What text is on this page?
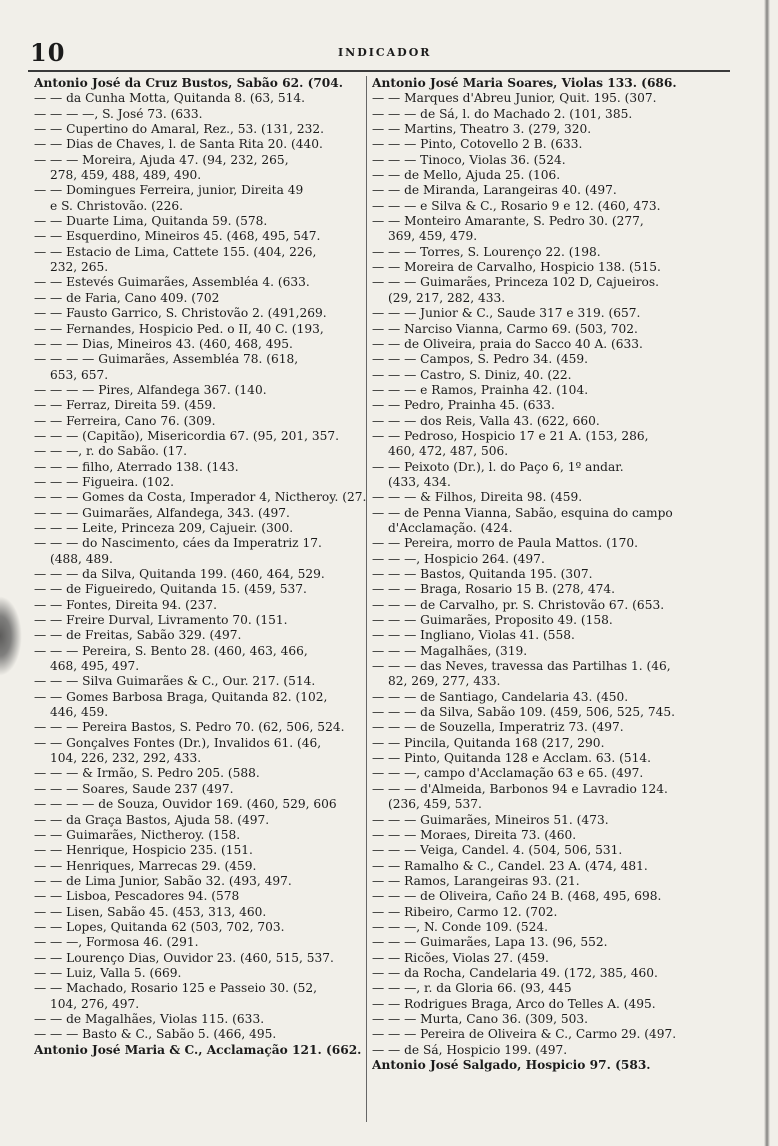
10	INDICADOR
Antonio José da Cruz Bustos, Sabão 62. (704.
— — da Cunha Motta, Quitanda 8. (63, 514.
— — — —, S. José 73. (633.
— — Cupertino do Amaral, Rez., 53. (131, 232.
— — Dias de Chaves, l. de Santa Rita 20. (440.
— — — Moreira, Ajuda 47. (94, 232, 265,
278, 459, 488, 489, 490.
— — Domingues Ferreira, junior, Direita 49
e S. Christovão. (226.
— — Duarte Lima, Quitanda 59. (578.
— — Esquerdino, Mineiros 45. (468, 495, 547.
— — Estacio de Lima, Cattete 155. (404, 226,
232, 265.
— — Estevés Guimarães, Assembléa 4. (633.
— — de Faria, Cano 409. (702
— — Fausto Garrico, S. Christovão 2. (491,269.
— — Fernandes, Hospicio Ped. o II, 40 C. (193,
— — — Dias, Mineiros 43. (460, 468, 495.
— — — — Guimarães, Assembléa 78. (618,
653, 657.
— — — — Pires, Alfandega 367. (140.
— — Ferraz, Direita 59. (459.
— — Ferreira, Cano 76. (309.
— — — (Capitão), Misericordia 67. (95, 201, 357.
— — —, r. do Sabão. (17.
— — — filho, Aterrado 138. (143.
— — — Figueira. (102.
— — — Gomes da Costa, Imperador 4, Nictheroy. (27.
— — — Guimarães, Alfandega, 343. (497.
— — — Leite, Princeza 209, Cajueir. (300.
— — — do Nascimento, cáes da Imperatriz 17.
(488, 489.
— — — da Silva, Quitanda 199. (460, 464, 529.
— — de Figueiredo, Quitanda 15. (459, 537.
— — Fontes, Direita 94. (237.
— — Freire Durval, Livramento 70. (151.
— — de Freitas, Sabão 329. (497.
— — — Pereira, S. Bento 28. (460, 463, 466,
468, 495, 497.
— — — Silva Guimarães & C., Our. 217. (514.
— — Gomes Barbosa Braga, Quitanda 82. (102,
446, 459.
— — — Pereira Bastos, S. Pedro 70. (62, 506, 524.
— — Gonçalves Fontes (Dr.), Invalidos 61. (46,
104, 226, 232, 292, 433.
— — — & Irmão, S. Pedro 205. (588.
— — — Soares, Saude 237 (497.
— — — — de Souza, Ouvidor 169. (460, 529, 606
— — da Graça Bastos, Ajuda 58. (497.
— — Guimarães, Nictheroy. (158.
— — Henrique, Hospicio 235. (151.
— — Henriques, Marrecas 29. (459.
— — de Lima Junior, Sabão 32. (493, 497.
— — Lisboa, Pescadores 94. (578
— — Lisen, Sabão 45. (453, 313, 460.
— — Lopes, Quitanda 62 (503, 702, 703.
— — —, Formosa 46. (291.
— — Lourenço Dias, Ouvidor 23. (460, 515, 537.
— — Luiz, Valla 5. (669.
— — Machado, Rosario 125 e Passeio 30. (52,
104, 276, 497.
— — de Magalhães, Violas 115. (633.
— — — Basto & C., Sabão 5. (466, 495.
Antonio José Maria & C., Acclamação 121. (662.
Antonio José Maria Soares, Violas 133. (686.
— — Marques d'Abreu Junior, Quit. 195. (307.
— — — de Sá, l. do Machado 2. (101, 385.
— — Martins, Theatro 3. (279, 320.
— — — Pinto, Cotovello 2 B. (633.
— — — Tinoco, Violas 36. (524.
— — de Mello, Ajuda 25. (106.
— — de Miranda, Larangeiras 40. (497.
— — — e Silva & C., Rosario 9 e 12. (460, 473.
— — Monteiro Amarante, S. Pedro 30. (277,
369, 459, 479.
— — — Torres, S. Lourenço 22. (198.
— — Moreira de Carvalho, Hospicio 138. (515.
— — — Guimarães, Princeza 102 D, Cajueiros.
(29, 217, 282, 433.
— — — Junior & C., Saude 317 e 319. (657.
— — Narciso Vianna, Carmo 69. (503, 702.
— — de Oliveira, praia do Sacco 40 A. (633.
— — — Campos, S. Pedro 34. (459.
— — — Castro, S. Diniz, 40. (22.
— — — e Ramos, Prainha 42. (104.
— — Pedro, Prainha 45. (633.
— — — dos Reis, Valla 43. (622, 660.
— — Pedroso, Hospicio 17 e 21 A. (153, 286,
460, 472, 487, 506.
— — Peixoto (Dr.), l. do Paço 6, 1º andar.
(433, 434.
— — — & Filhos, Direita 98. (459.
— — de Penna Vianna, Sabão, esquina do campo
d'Acclamação. (424.
— — Pereira, morro de Paula Mattos. (170.
— — —, Hospicio 264. (497.
— — — Bastos, Quitanda 195. (307.
— — — Braga, Rosario 15 B. (278, 474.
— — — de Carvalho, pr. S. Christovão 67. (653.
— — — Guimarães, Proposito 49. (158.
— — — Ingliano, Violas 41. (558.
— — — Magalhães, (319.
— — — das Neves, travessa das Partilhas 1. (46,
82, 269, 277, 433.
— — — de Santiago, Candelaria 43. (450.
— — — da Silva, Sabão 109. (459, 506, 525, 745.
— — — de Souzella, Imperatriz 73. (497.
— — Pincila, Quitanda 168 (217, 290.
— — Pinto, Quitanda 128 e Acclam. 63. (514.
— — —, campo d'Acclamação 63 e 65. (497.
— — — d'Almeida, Barbonos 94 e Lavradio 124.
(236, 459, 537.
— — — Guimarães, Mineiros 51. (473.
— — — Moraes, Direita 73. (460.
— — — Veiga, Candel. 4. (504, 506, 531.
— — Ramalho & C., Candel. 23 A. (474, 481.
— — Ramos, Larangeiras 93. (21.
— — — de Oliveira, Caño 24 B. (468, 495, 698.
— — Ribeiro, Carmo 12. (702.
— — —, N. Conde 109. (524.
— — — Guimarães, Lapa 13. (96, 552.
— — Ricões, Violas 27. (459.
— — da Rocha, Candelaria 49. (172, 385, 460.
— — —, r. da Gloria 66. (93, 445
— — Rodrigues Braga, Arco do Telles A. (495.
— — — Murta, Cano 36. (309, 503.
— — — Pereira de Oliveira & C., Carmo 29. (497.
— — de Sá, Hospicio 199. (497.
Antonio José Salgado, Hospicio 97. (583.
